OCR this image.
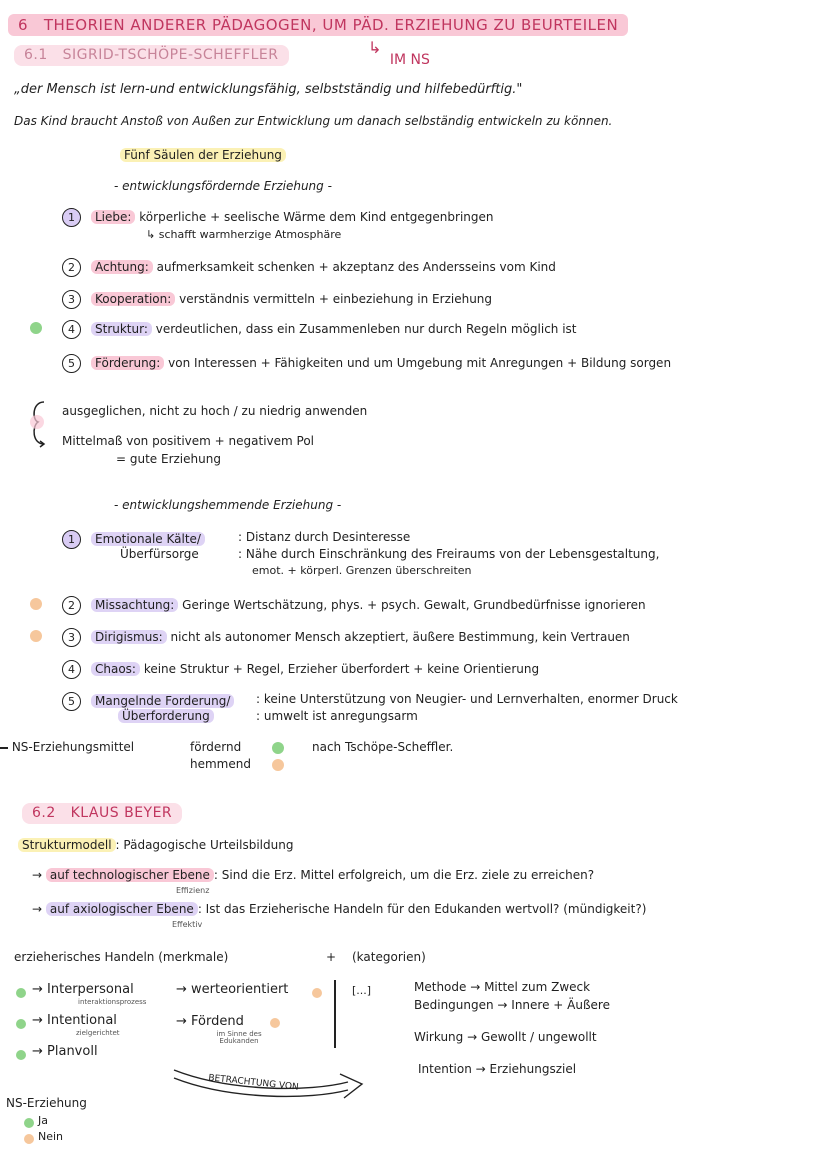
6 THEORIEN ANDERER PÄDAGOGEN, UM PÄD. ERZIEHUNG ZU BEURTEILEN
6.1 SIGRID-TSCHÖPE-SCHEFFLER	↳ IM NS
„der Mensch ist lern-und entwicklungsfähig, selbstständig und hilfebedürftig."
Das Kind braucht Anstoß von Außen zur Entwicklung um danach selbständig entwickeln zu können.
Fünf Säulen der Erziehung
- entwicklungsfördernde Erziehung -
1 Liebe: körperliche + seelische Wärme dem Kind entgegenbringen
↳ schafft warmherzige Atmosphäre
2 Achtung: aufmerksamkeit schenken + akzeptanz des Andersseins vom Kind
3 Kooperation: verständnis vermitteln + einbeziehung in Erziehung
4 Struktur: verdeutlichen, dass ein Zusammenleben nur durch Regeln möglich ist
5 Förderung: von Interessen + Fähigkeiten und um Umgebung mit Anregungen + Bildung sorgen
ausgeglichen, nicht zu hoch / zu niedrig anwenden
Mittelmaß von positivem + negativem Pol
= gute Erziehung
- entwicklungshemmende Erziehung -
1 Emotionale Kälte/
Überfürsorge
: Distanz durch Desinteresse
: Nähe durch Einschränkung des Freiraums von der Lebensgestaltung,
emot. + körperl. Grenzen überschreiten
2 Missachtung: Geringe Wertschätzung, phys. + psych. Gewalt, Grundbedürfnisse ignorieren
3 Dirigismus: nicht als autonomer Mensch akzeptiert, äußere Bestimmung, kein Vertrauen
4 Chaos: keine Struktur + Regel, Erzieher überfordert + keine Orientierung
5 Mangelnde Forderung/
Überforderung
: keine Unterstützung von Neugier- und Lernverhalten, enormer Druck
: umwelt ist anregungsarm
NS-Erziehungsmittel	fördernd
hemmend
nach Tschöpe-Scheffler.
6.2 KLAUS BEYER
Strukturmodell : Pädagogische Urteilsbildung
→ auf technologischer Ebene : Sind die Erz. Mittel erfolgreich, um die Erz. ziele zu erreichen?
Effizienz
→ auf axiologischer Ebene : Ist das Erzieherische Handeln für den Edukanden wertvoll? (mündigkeit?)
Effektiv
erzieherisches Handeln (merkmale)	+ (kategorien)
→ Interpersonal
interaktionsprozess
→ Intentional
zielgerichtet
→ Planvoll
→ werteorientiert
→ Fördend
im Sinne des Edukanden
[...]	Methode → Mittel zum Zweck
Bedingungen → Innere + Äußere
Wirkung → Gewollt / ungewollt
Intention → Erziehungsziel
BETRACHTUNG VON
NS-Erziehung
Ja
Nein
